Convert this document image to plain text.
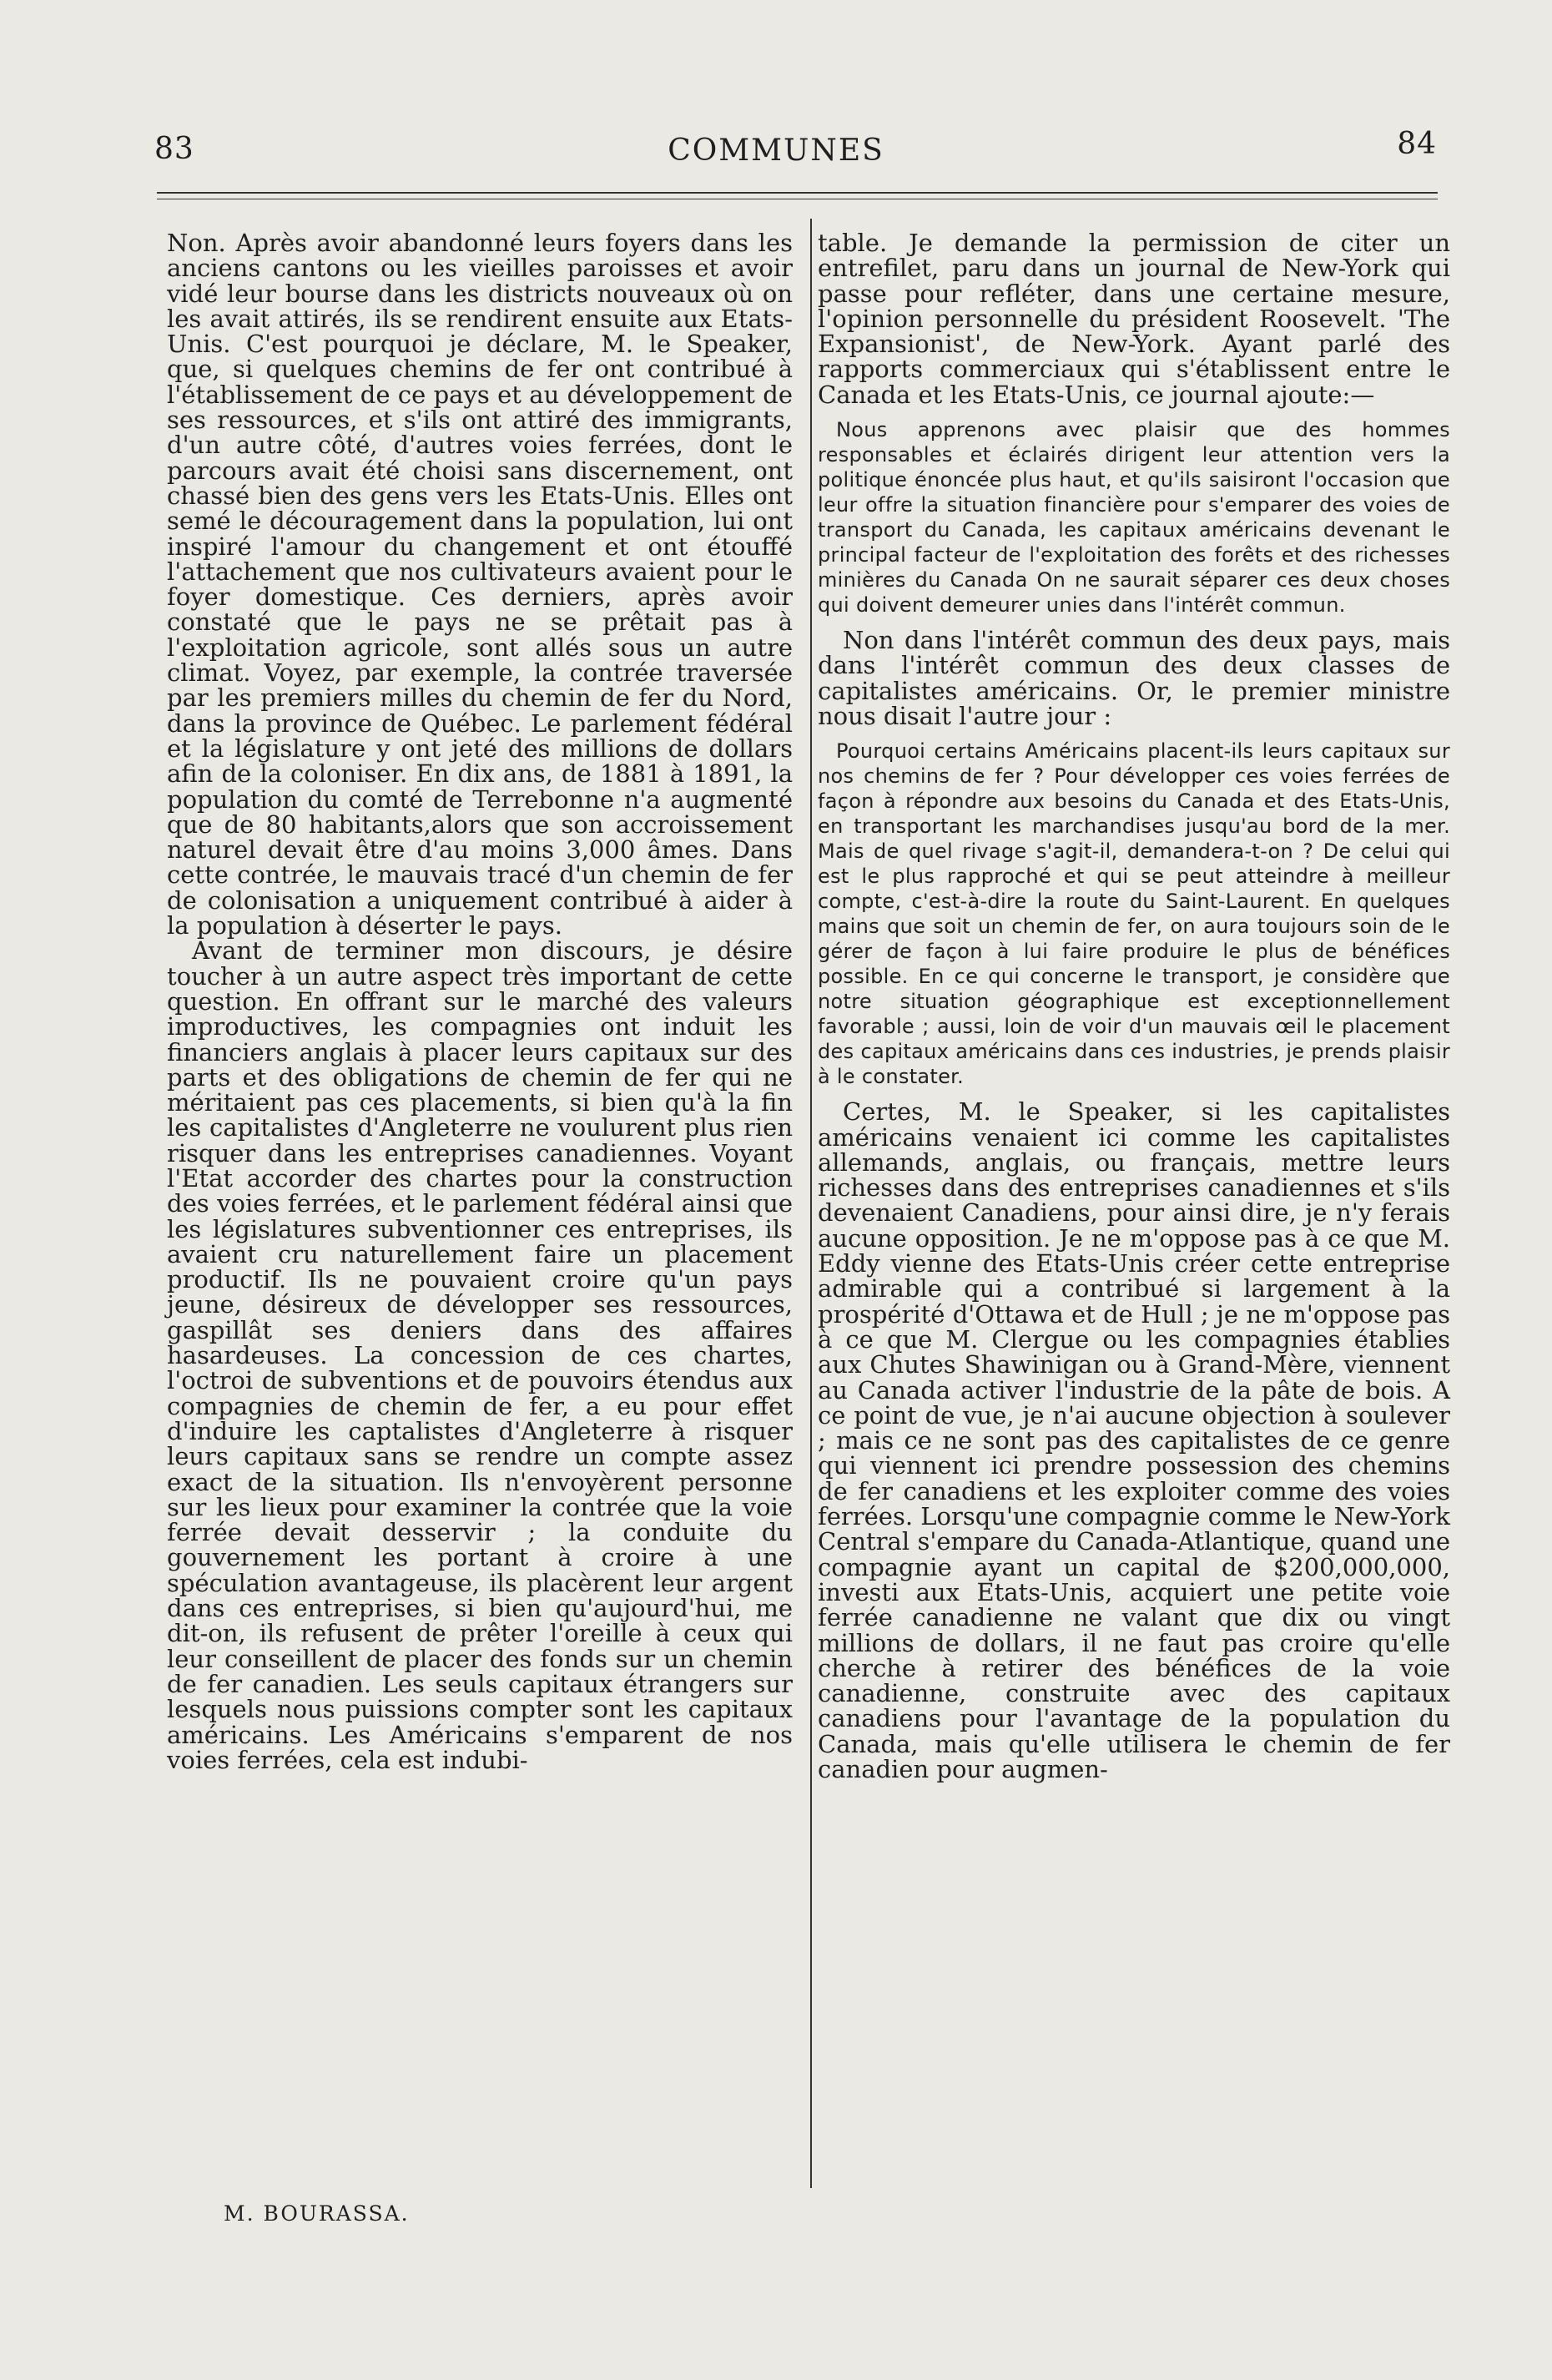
83	COMMUNES	84

Non. Après avoir abandonné leurs foyers dans les anciens cantons ou les vieilles paroisses et avoir vidé leur bourse dans les districts nouveaux où on les avait attirés, ils se rendirent ensuite aux Etats-Unis. C'est pourquoi je déclare, M. le Speaker, que, si quelques chemins de fer ont contribué à l'établissement de ce pays et au développement de ses ressources, et s'ils ont attiré des immigrants, d'un autre côté, d'autres voies ferrées, dont le parcours avait été choisi sans discernement, ont chassé bien des gens vers les Etats-Unis. Elles ont semé le découragement dans la population, lui ont inspiré l'amour du changement et ont étouffé l'attachement que nos cultivateurs avaient pour le foyer domestique. Ces derniers, après avoir constaté que le pays ne se prêtait pas à l'exploitation agricole, sont allés sous un autre climat. Voyez, par exemple, la contrée traversée par les premiers milles du chemin de fer du Nord, dans la province de Québec. Le parlement fédéral et la législature y ont jeté des millions de dollars afin de la coloniser. En dix ans, de 1881 à 1891, la population du comté de Terrebonne n'a augmenté que de 80 habitants,alors que son accroissement naturel devait être d'au moins 3,000 âmes. Dans cette contrée, le mauvais tracé d'un chemin de fer de colonisation a uniquement contribué à aider à la population à déserter le pays.

Avant de terminer mon discours, je désire toucher à un autre aspect très important de cette question. En offrant sur le marché des valeurs improductives, les compagnies ont induit les financiers anglais à placer leurs capitaux sur des parts et des obligations de chemin de fer qui ne méritaient pas ces placements, si bien qu'à la fin les capitalistes d'Angleterre ne voulurent plus rien risquer dans les entreprises canadiennes. Voyant l'Etat accorder des chartes pour la construction des voies ferrées, et le parlement fédéral ainsi que les législatures subventionner ces entreprises, ils avaient cru naturellement faire un placement productif. Ils ne pouvaient croire qu'un pays jeune, désireux de développer ses ressources, gaspillât ses deniers dans des affaires hasardeuses. La concession de ces chartes, l'octroi de subventions et de pouvoirs étendus aux compagnies de chemin de fer, a eu pour effet d'induire les captalistes d'Angleterre à risquer leurs capitaux sans se rendre un compte assez exact de la situation. Ils n'envoyèrent personne sur les lieux pour examiner la contrée que la voie ferrée devait desservir ; la conduite du gouvernement les portant à croire à une spéculation avantageuse, ils placèrent leur argent dans ces entreprises, si bien qu'aujourd'hui, me dit-on, ils refusent de prêter l'oreille à ceux qui leur conseillent de placer des fonds sur un chemin de fer canadien. Les seuls capitaux étrangers sur lesquels nous puissions compter sont les capitaux américains. Les Américains s'emparent de nos voies ferrées, cela est indubi-

M. BOURASSA.

table. Je demande la permission de citer un entrefilet, paru dans un journal de New-York qui passe pour refléter, dans une certaine mesure, l'opinion personnelle du président Roosevelt. 'The Expansionist', de New-York. Ayant parlé des rapports commerciaux qui s'établissent entre le Canada et les Etats-Unis, ce journal ajoute:—

Nous apprenons avec plaisir que des hommes responsables et éclairés dirigent leur attention vers la politique énoncée plus haut, et qu'ils saisiront l'occasion que leur offre la situation financière pour s'emparer des voies de transport du Canada, les capitaux américains devenant le principal facteur de l'exploitation des forêts et des richesses minières du Canada On ne saurait séparer ces deux choses qui doivent demeurer unies dans l'intérêt commun.

Non dans l'intérêt commun des deux pays, mais dans l'intérêt commun des deux classes de capitalistes américains. Or, le premier ministre nous disait l'autre jour :

Pourquoi certains Américains placent-ils leurs capitaux sur nos chemins de fer ? Pour développer ces voies ferrées de façon à répondre aux besoins du Canada et des Etats-Unis, en transportant les marchandises jusqu'au bord de la mer. Mais de quel rivage s'agit-il, demandera-t-on ? De celui qui est le plus rapproché et qui se peut atteindre à meilleur compte, c'est-à-dire la route du Saint-Laurent. En quelques mains que soit un chemin de fer, on aura toujours soin de le gérer de façon à lui faire produire le plus de bénéfices possible. En ce qui concerne le transport, je considère que notre situation géographique est exceptionnellement favorable ; aussi, loin de voir d'un mauvais œil le placement des capitaux américains dans ces industries, je prends plaisir à le constater.

Certes, M. le Speaker, si les capitalistes américains venaient ici comme les capitalistes allemands, anglais, ou français, mettre leurs richesses dans des entreprises canadiennes et s'ils devenaient Canadiens, pour ainsi dire, je n'y ferais aucune opposition. Je ne m'oppose pas à ce que M. Eddy vienne des Etats-Unis créer cette entreprise admirable qui a contribué si largement à la prospérité d'Ottawa et de Hull ; je ne m'oppose pas à ce que M. Clergue ou les compagnies établies aux Chutes Shawinigan ou à Grand-Mère, viennent au Canada activer l'industrie de la pâte de bois. A ce point de vue, je n'ai aucune objection à soulever ; mais ce ne sont pas des capitalistes de ce genre qui viennent ici prendre possession des chemins de fer canadiens et les exploiter comme des voies ferrées. Lorsqu'une compagnie comme le New-York Central s'empare du Canada-Atlantique, quand une compagnie ayant un capital de $200,000,000, investi aux Etats-Unis, acquiert une petite voie ferrée canadienne ne valant que dix ou vingt millions de dollars, il ne faut pas croire qu'elle cherche à retirer des bénéfices de la voie canadienne, construite avec des capitaux canadiens pour l'avantage de la population du Canada, mais qu'elle utilisera le chemin de fer canadien pour augmen-
